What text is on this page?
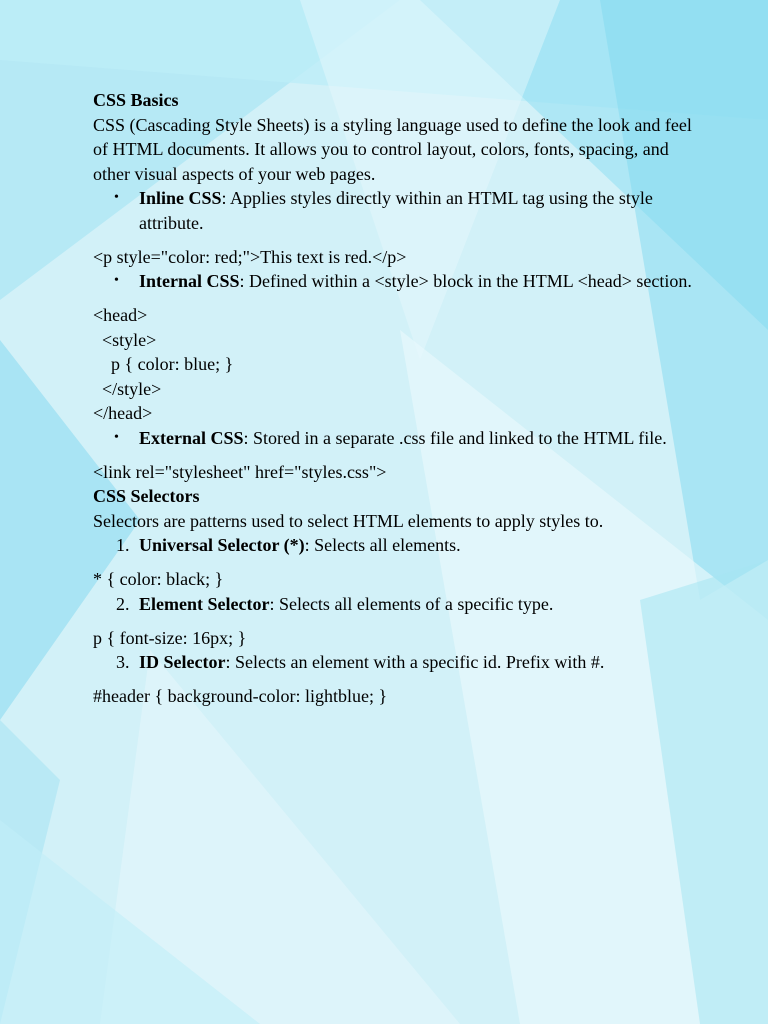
CSS Basics

CSS (Cascading Style Sheets) is a styling language used to define the look and feel of HTML documents. It allows you to control layout, colors, fonts, spacing, and other visual aspects of your web pages.

• Inline CSS: Applies styles directly within an HTML tag using the style attribute.

<p style="color: red;">This text is red.</p>

• Internal CSS: Defined within a <style> block in the HTML <head> section.

<head>

<style>

p { color: blue; }

</style>

</head>

• External CSS: Stored in a separate .css file and linked to the HTML file.

<link rel="stylesheet" href="styles.css">

CSS Selectors

Selectors are patterns used to select HTML elements to apply styles to.

1. Universal Selector (*): Selects all elements.

* { color: black; }

2. Element Selector: Selects all elements of a specific type.

p { font-size: 16px; }

3. ID Selector: Selects an element with a specific id. Prefix with #.

#header { background-color: lightblue; }
